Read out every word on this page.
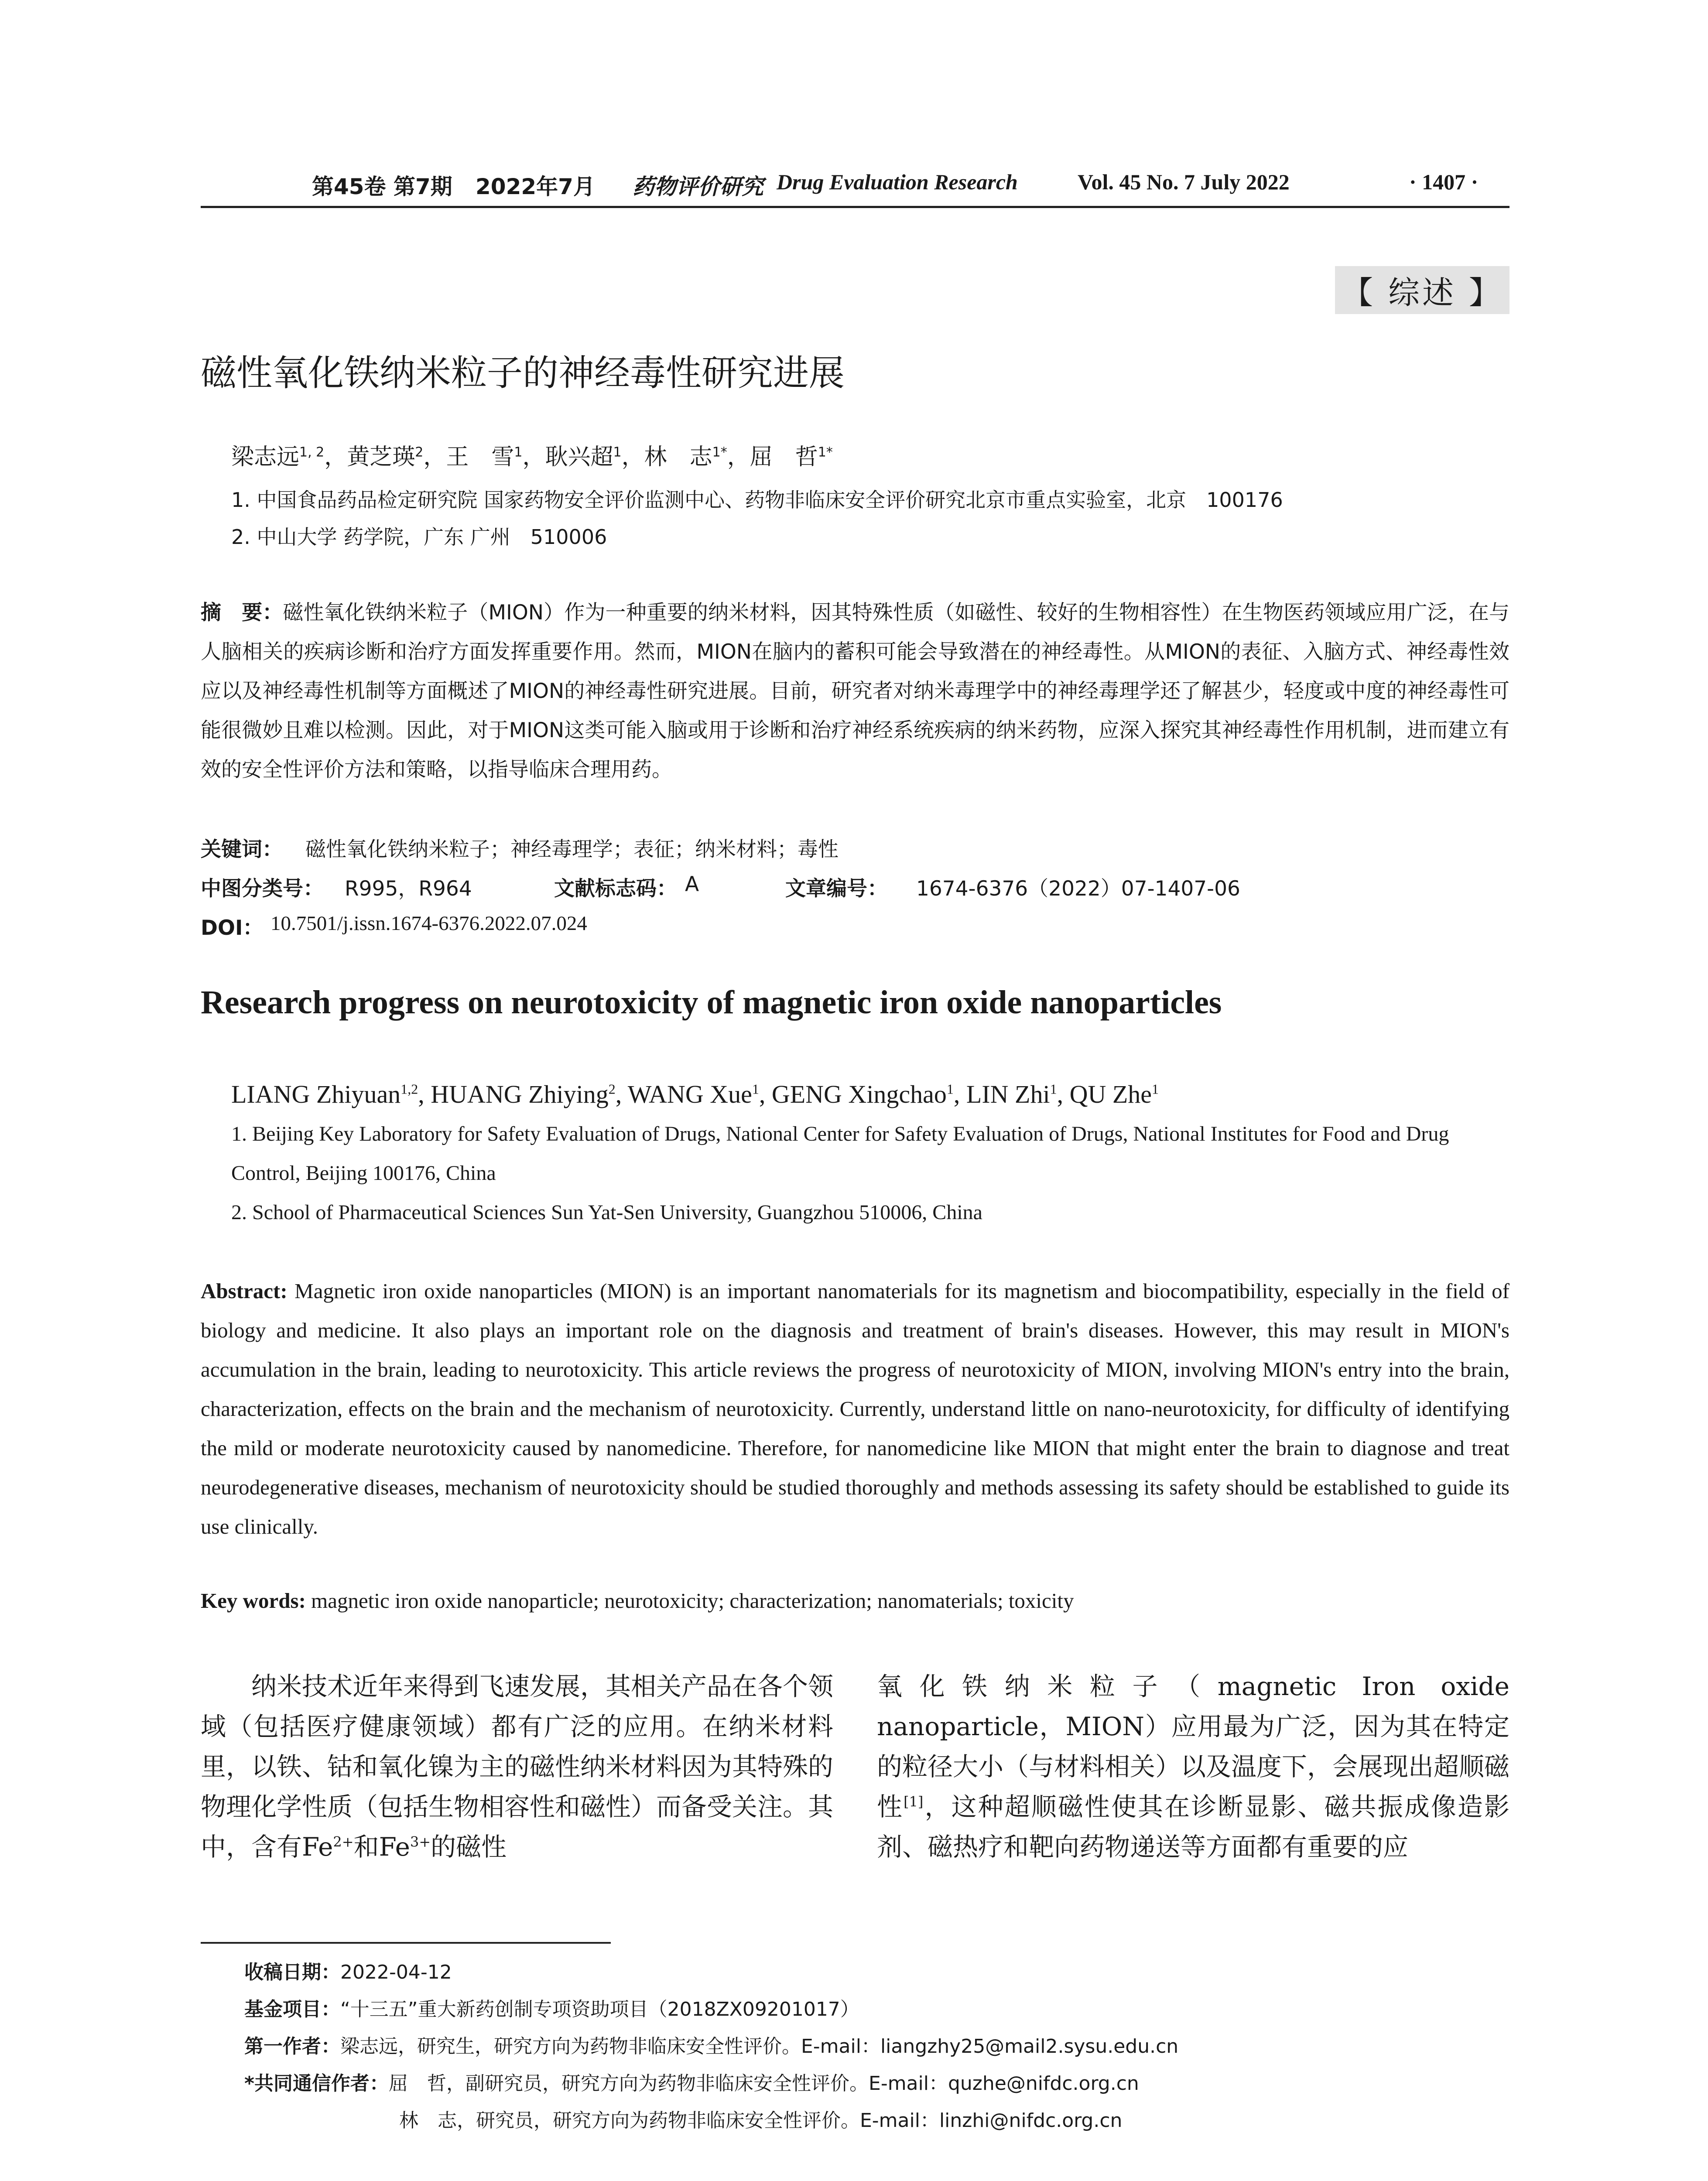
第45卷 第7期 2022年7月 药物评价研究 Drug Evaluation Research	Vol. 45 No. 7 July 2022	· 1407 ·
【 综述 】
磁性氧化铁纳米粒子的神经毒性研究进展
梁志远$^{1, 2}$，黄芝瑛$^2$，王　雪$^1$，耿兴超$^1$，林　志$^{1*}$，屈　哲$^{1*}$
1. 中国食品药品检定研究院 国家药物安全评价监测中心、药物非临床安全评价研究北京市重点实验室，北京　100176
2. 中山大学 药学院，广东 广州　510006
摘　要：磁性氧化铁纳米粒子（MION）作为一种重要的纳米材料，因其特殊性质（如磁性、较好的生物相容性）在生物医药领域应用广泛，在与人脑相关的疾病诊断和治疗方面发挥重要作用。然而，MION在脑内的蓄积可能会导致潜在的神经毒性。从MION的表征、入脑方式、神经毒性效应以及神经毒性机制等方面概述了MION的神经毒性研究进展。目前，研究者对纳米毒理学中的神经毒理学还了解甚少，轻度或中度的神经毒性可能很微妙且难以检测。因此，对于MION这类可能入脑或用于诊断和治疗神经系统疾病的纳米药物，应深入探究其神经毒性作用机制，进而建立有效的安全性评价方法和策略，以指导临床合理用药。
关键词： 磁性氧化铁纳米粒子；神经毒理学；表征；纳米材料；毒性
中图分类号： R995，R964	文献标志码： A	文章编号： 1674-6376（2022）07-1407-06
DOI： 10.7501/j.issn.1674-6376.2022.07.024
Research progress on neurotoxicity of magnetic iron oxide nanoparticles
LIANG Zhiyuan$^{1,2}$, HUANG Zhiying$^2$, WANG Xue$^1$, GENG Xingchao$^1$, LIN Zhi$^1$, QU Zhe$^1$
1. Beijing Key Laboratory for Safety Evaluation of Drugs, National Center for Safety Evaluation of Drugs, National Institutes for Food and Drug Control, Beijing 100176, China
2. School of Pharmaceutical Sciences Sun Yat-Sen University, Guangzhou 510006, China
Abstract: Magnetic iron oxide nanoparticles (MION) is an important nanomaterials for its magnetism and biocompatibility, especially in the field of biology and medicine. It also plays an important role on the diagnosis and treatment of brain's diseases. However, this may result in MION's accumulation in the brain, leading to neurotoxicity. This article reviews the progress of neurotoxicity of MION, involving MION's entry into the brain, characterization, effects on the brain and the mechanism of neurotoxicity. Currently, understand little on nano-neurotoxicity, for difficulty of identifying the mild or moderate neurotoxicity caused by nanomedicine. Therefore, for nanomedicine like MION that might enter the brain to diagnose and treat neurodegenerative diseases, mechanism of neurotoxicity should be studied thoroughly and methods assessing its safety should be established to guide its use clinically.
Key words: magnetic iron oxide nanoparticle; neurotoxicity; characterization; nanomaterials; toxicity
纳米技术近年来得到飞速发展，其相关产品在各个领域（包括医疗健康领域）都有广泛的应用。在纳米材料里，以铁、钴和氧化镍为主的磁性纳米材料因为其特殊的物理化学性质（包括生物相容性和磁性）而备受关注。其中，含有$Fe^{2+}$和$Fe^{3+}$的磁性
氧化铁纳米粒子（magnetic Iron oxide nanoparticle，MION）应用最为广泛，因为其在特定的粒径大小（与材料相关）以及温度下，会展现出超顺磁性[1]，这种超顺磁性使其在诊断显影、磁共振成像造影剂、磁热疗和靶向药物递送等方面都有重要的应
收稿日期：2022-04-12
基金项目：“十三五”重大新药创制专项资助项目（2018ZX09201017）
第一作者：梁志远，研究生，研究方向为药物非临床安全性评价。E-mail：liangzhy25@mail2.sysu.edu.cn
*共同通信作者：屈　哲，副研究员，研究方向为药物非临床安全性评价。E-mail：quzhe@nifdc.org.cn
林　志，研究员，研究方向为药物非临床安全性评价。E-mail：linzhi@nifdc.org.cn
